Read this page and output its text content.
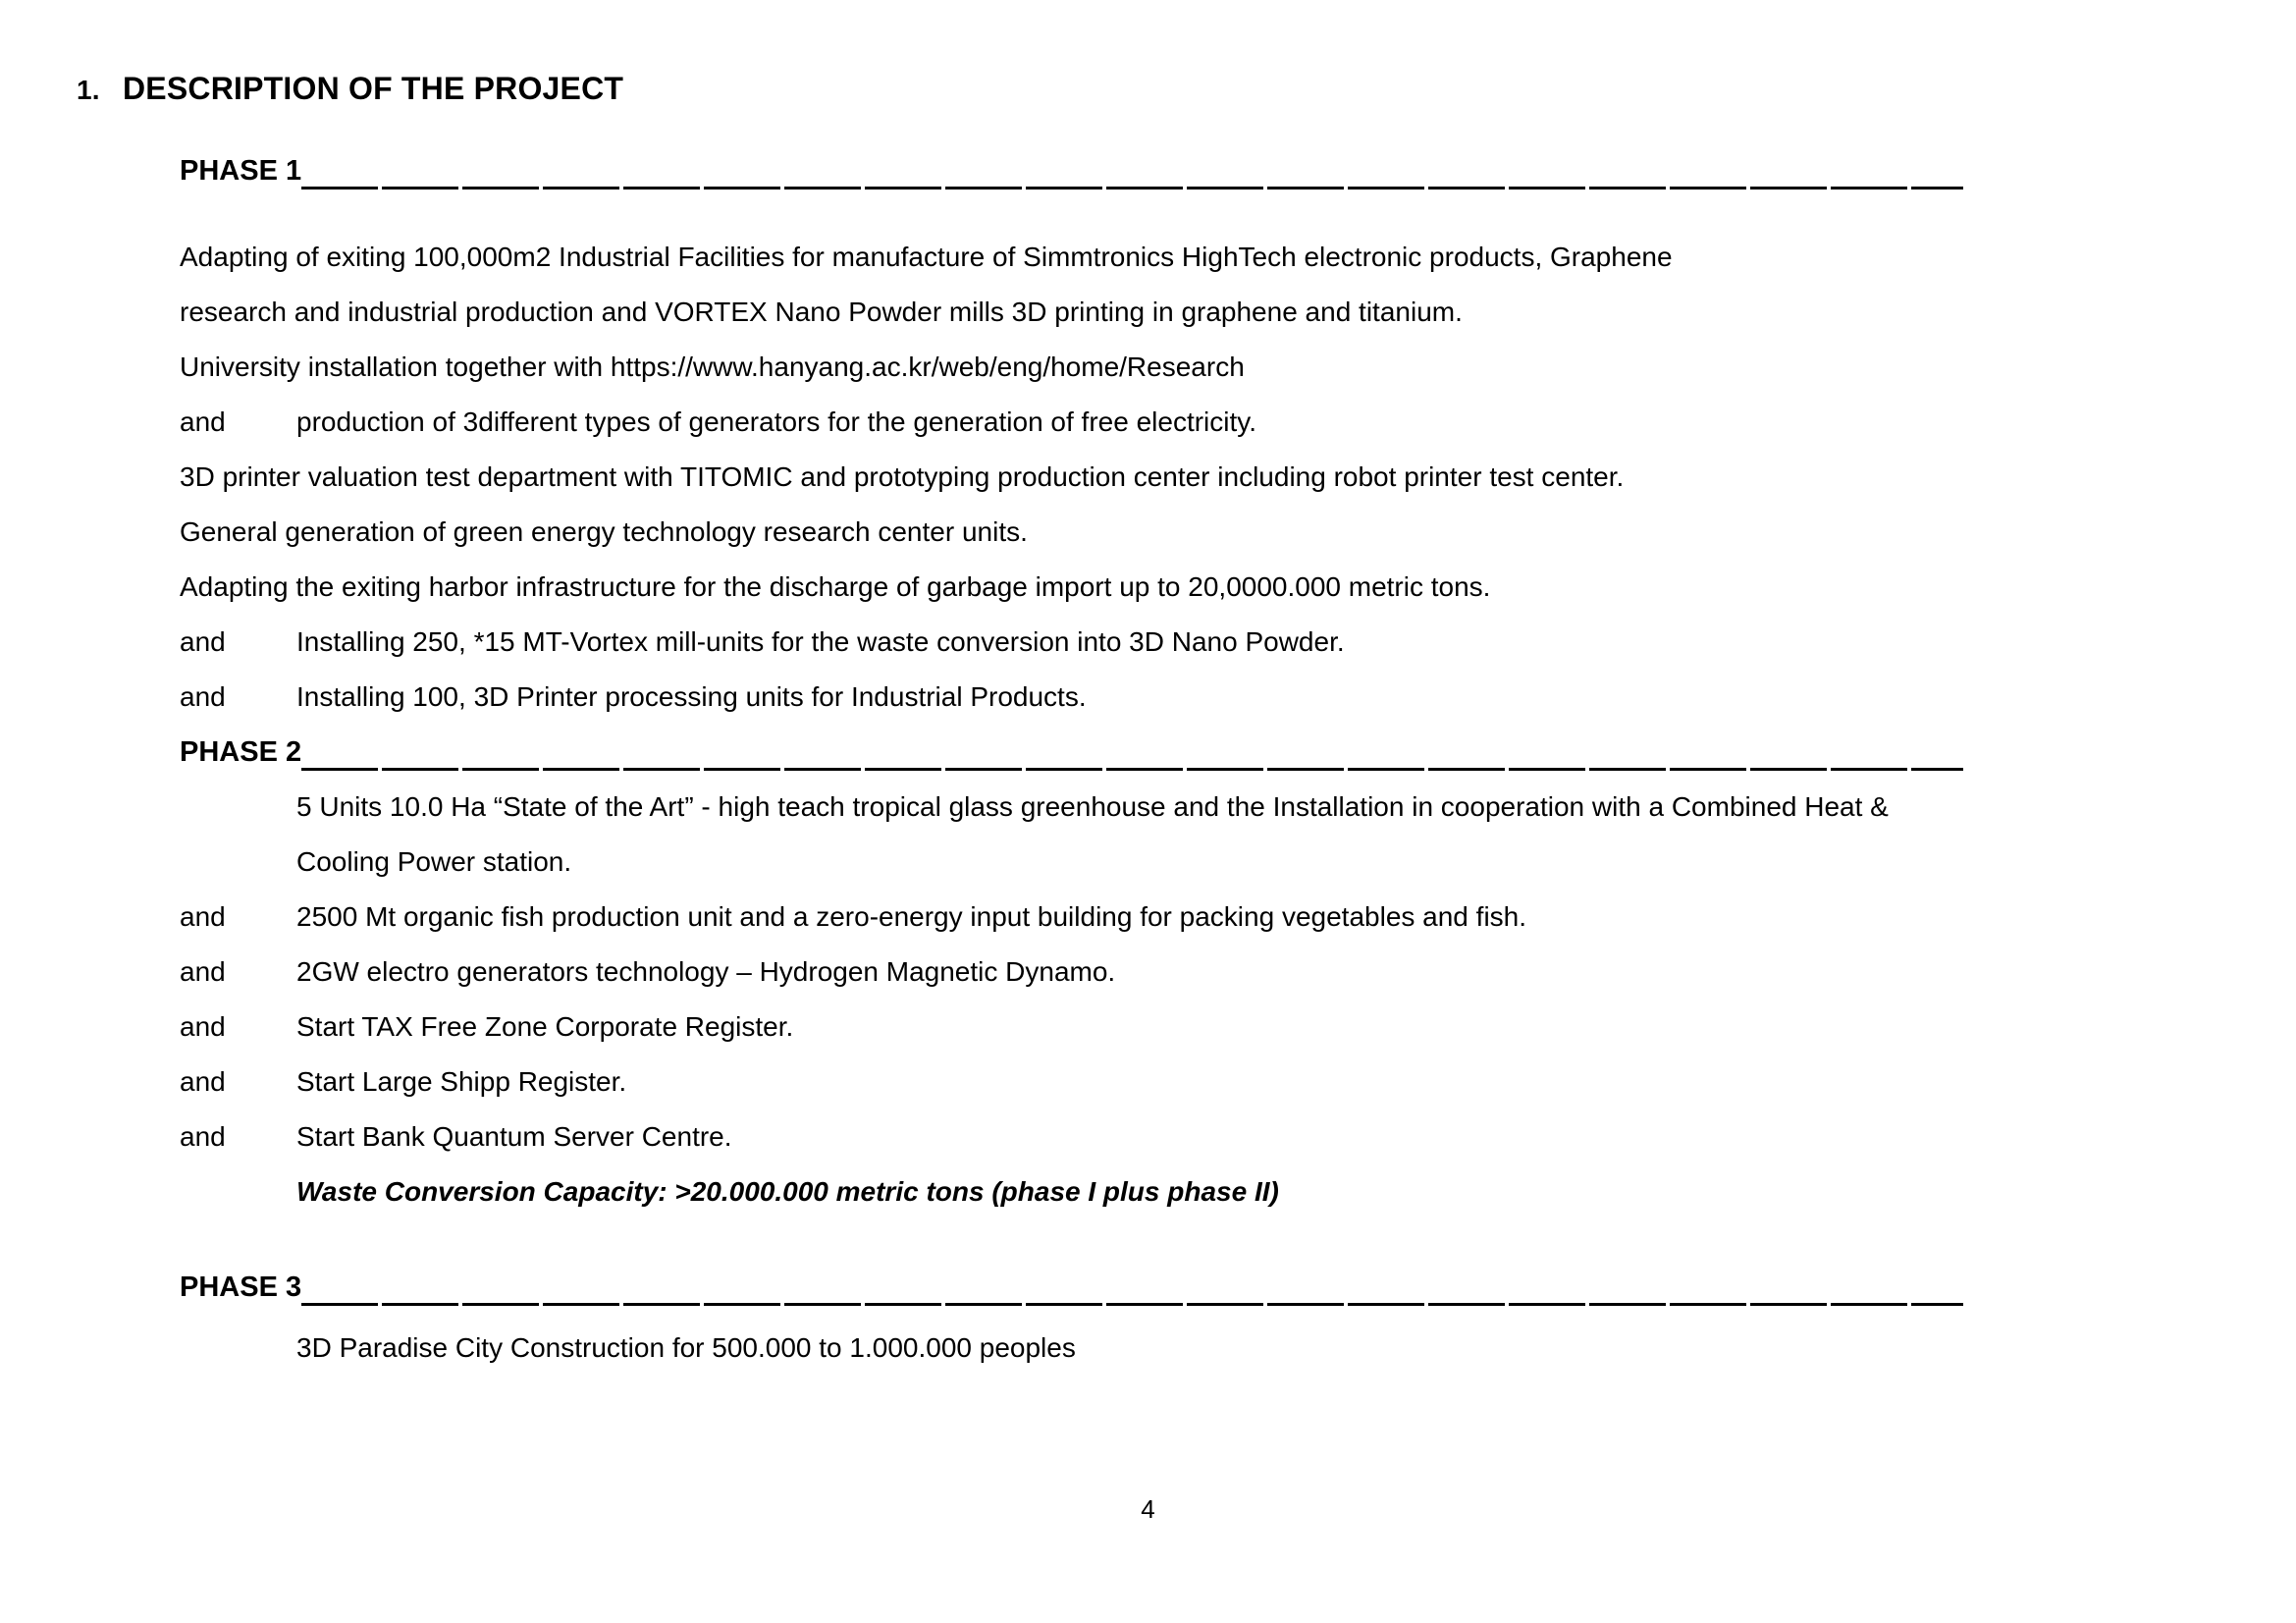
1. DESCRIPTION OF THE PROJECT
PHASE 1
Adapting of exiting 100,000m2 Industrial Facilities for manufacture of Simmtronics HighTech electronic products, Graphene
research and industrial production and VORTEX Nano Powder mills 3D printing in graphene and titanium.
University installation together with https://www.hanyang.ac.kr/web/eng/home/Research
and	production of 3different types of generators for the generation of free electricity.
3D printer valuation test department with TITOMIC and prototyping production center including robot printer test center.
General generation of green energy technology research center units.
Adapting the exiting harbor infrastructure for the discharge of garbage import up to 20,0000.000 metric tons.
and	Installing 250, *15 MT-Vortex mill-units for the waste conversion into 3D Nano Powder.
and	Installing 100, 3D Printer processing units for Industrial Products.
PHASE 2
5 Units 10.0 Ha “State of the Art” - high teach tropical glass greenhouse and the Installation in cooperation with a Combined Heat &
Cooling Power station.
and	2500 Mt organic fish production unit and a zero-energy input building for packing vegetables and fish.
and	2GW electro generators technology – Hydrogen Magnetic Dynamo.
and	Start TAX Free Zone Corporate Register.
and	Start Large Shipp Register.
and	Start Bank Quantum Server Centre.
Waste Conversion Capacity: >20.000.000 metric tons (phase I plus phase II)
PHASE 3
3D Paradise City Construction for 500.000 to 1.000.000 peoples
4
